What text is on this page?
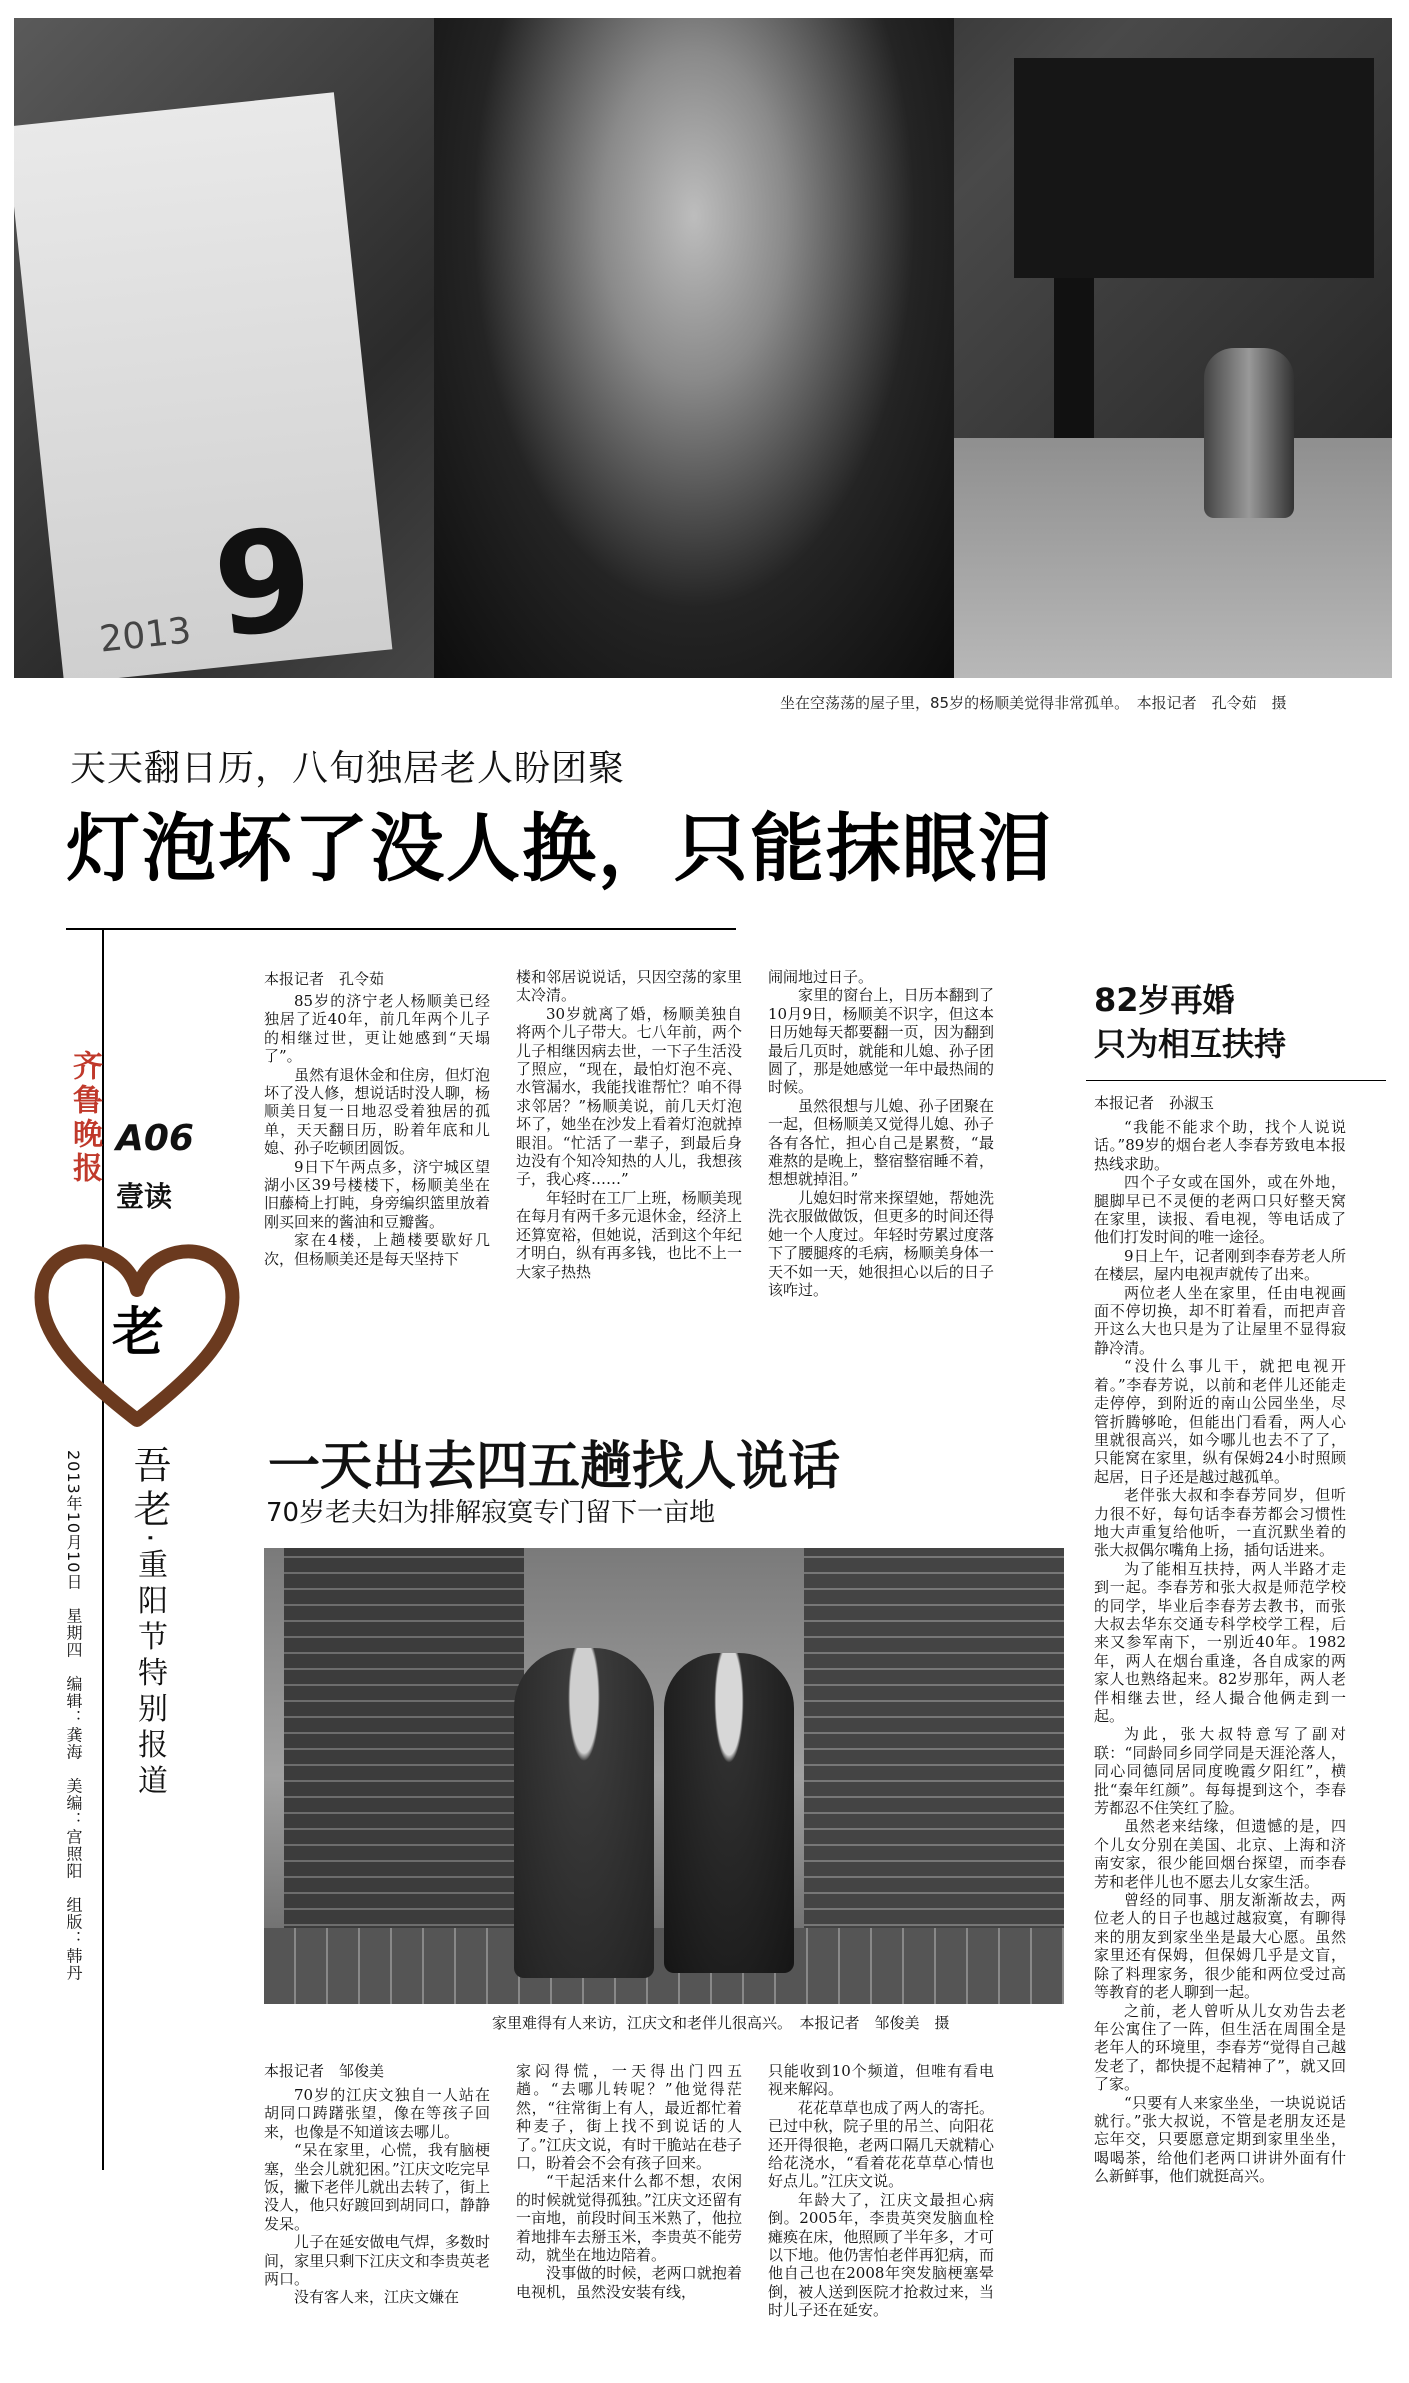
9
2013
坐在空荡荡的屋子里，85岁的杨顺美觉得非常孤单。　本报记者　孔令茹　摄
天天翻日历，八旬独居老人盼团聚
灯泡坏了没人换，只能抹眼泪
齐鲁晚报 A06
壹读
老
2013年10月10日　星期四　编辑：龚海　美编：宫照阳　组版：韩丹 吾老·重阳节特别报道
本报记者　孔令茹

85岁的济宁老人杨顺美已经独居了近40年，前几年两个儿子的相继过世，更让她感到“天塌了”。

虽然有退休金和住房，但灯泡坏了没人修，想说话时没人聊，杨顺美日复一日地忍受着独居的孤单，天天翻日历，盼着年底和儿媳、孙子吃顿团圆饭。

9日下午两点多，济宁城区望湖小区39号楼楼下，杨顺美坐在旧藤椅上打盹，身旁编织篮里放着刚买回来的酱油和豆瓣酱。

家在4楼，上趟楼要歇好几次，但杨顺美还是每天坚持下

楼和邻居说说话，只因空荡的家里太冷清。

30岁就离了婚，杨顺美独自将两个儿子带大。七八年前，两个儿子相继因病去世，一下子生活没了照应，“现在，最怕灯泡不亮、水管漏水，我能找谁帮忙？咱不得求邻居？”杨顺美说，前几天灯泡坏了，她坐在沙发上看着灯泡就掉眼泪。“忙活了一辈子，到最后身边没有个知冷知热的人儿，我想孩子，我心疼……”

年轻时在工厂上班，杨顺美现在每月有两千多元退休金，经济上还算宽裕，但她说，活到这个年纪才明白，纵有再多钱，也比不上一大家子热热

闹闹地过日子。

家里的窗台上，日历本翻到了10月9日，杨顺美不识字，但这本日历她每天都要翻一页，因为翻到最后几页时，就能和儿媳、孙子团圆了，那是她感觉一年中最热闹的时候。

虽然很想与儿媳、孙子团聚在一起，但杨顺美又觉得儿媳、孙子各有各忙，担心自己是累赘，“最难熬的是晚上，整宿整宿睡不着，想想就掉泪。”

儿媳妇时常来探望她，帮她洗洗衣服做做饭，但更多的时间还得她一个人度过。年轻时劳累过度落下了腰腿疼的毛病，杨顺美身体一天不如一天，她很担心以后的日子该咋过。

82岁再婚
只为相互扶持
本报记者　孙淑玉

“我能不能求个助，找个人说说话。”89岁的烟台老人李春芳致电本报热线求助。

四个子女或在国外，或在外地，腿脚早已不灵便的老两口只好整天窝在家里，读报、看电视，等电话成了他们打发时间的唯一途径。

9日上午，记者刚到李春芳老人所在楼层，屋内电视声就传了出来。

两位老人坐在家里，任由电视画面不停切换，却不盯着看，而把声音开这么大也只是为了让屋里不显得寂静冷清。

“没什么事儿干，就把电视开着。”李春芳说，以前和老伴儿还能走走停停，到附近的南山公园坐坐，尽管折腾够呛，但能出门看看，两人心里就很高兴，如今哪儿也去不了了，只能窝在家里，纵有保姆24小时照顾起居，日子还是越过越孤单。

老伴张大叔和李春芳同岁，但听力很不好，每句话李春芳都会习惯性地大声重复给他听，一直沉默坐着的张大叔偶尔嘴角上扬，插句话进来。

为了能相互扶持，两人半路才走到一起。李春芳和张大叔是师范学校的同学，毕业后李春芳去教书，而张大叔去华东交通专科学校学工程，后来又参军南下，一别近40年。1982年，两人在烟台重逢，各自成家的两家人也熟络起来。82岁那年，两人老伴相继去世，经人撮合他俩走到一起。

为此，张大叔特意写了副对联：“同龄同乡同学同是天涯沦落人，同心同德同居同度晚霞夕阳红”，横批“秦年红颜”。每每提到这个，李春芳都忍不住笑红了脸。

虽然老来结缘，但遗憾的是，四个儿女分别在美国、北京、上海和济南安家，很少能回烟台探望，而李春芳和老伴儿也不愿去儿女家生活。

曾经的同事、朋友渐渐故去，两位老人的日子也越过越寂寞，有聊得来的朋友到家坐坐是最大心愿。虽然家里还有保姆，但保姆几乎是文盲，除了料理家务，很少能和两位受过高等教育的老人聊到一起。

之前，老人曾听从儿女劝告去老年公寓住了一阵，但生活在周围全是老年人的环境里，李春芳“觉得自己越发老了，都快提不起精神了”，就又回了家。

“只要有人来家坐坐，一块说说话就行。”张大叔说，不管是老朋友还是忘年交，只要愿意定期到家里坐坐，喝喝茶，给他们老两口讲讲外面有什么新鲜事，他们就挺高兴。

一天出去四五趟找人说话
70岁老夫妇为排解寂寞专门留下一亩地
家里难得有人来访，江庆文和老伴儿很高兴。　本报记者　邹俊美　摄
本报记者　邹俊美

70岁的江庆文独自一人站在胡同口踌躇张望，像在等孩子回来，也像是不知道该去哪儿。

“呆在家里，心慌，我有脑梗塞，坐会儿就犯困。”江庆文吃完早饭，撇下老伴儿就出去转了，街上没人，他只好踱回到胡同口，静静发呆。

儿子在延安做电气焊，多数时间，家里只剩下江庆文和李贵英老两口。

没有客人来，江庆文嫌在

家闷得慌，一天得出门四五趟。“去哪儿转呢？”他觉得茫然，“往常街上有人，最近都忙着种麦子，街上找不到说话的人了。”江庆文说，有时干脆站在巷子口，盼着会不会有孩子回来。

“干起活来什么都不想，农闲的时候就觉得孤独。”江庆文还留有一亩地，前段时间玉米熟了，他拉着地排车去掰玉米，李贵英不能劳动，就坐在地边陪着。

没事做的时候，老两口就抱着电视机，虽然没安装有线，

只能收到10个频道，但唯有看电视来解闷。

花花草草也成了两人的寄托。已过中秋，院子里的吊兰、向阳花还开得很艳，老两口隔几天就精心给花浇水，“看着花花草草心情也好点儿。”江庆文说。

年龄大了，江庆文最担心病倒。2005年，李贵英突发脑血栓瘫痪在床，他照顾了半年多，才可以下地。他仍害怕老伴再犯病，而他自己也在2008年突发脑梗塞晕倒，被人送到医院才抢救过来，当时儿子还在延安。
